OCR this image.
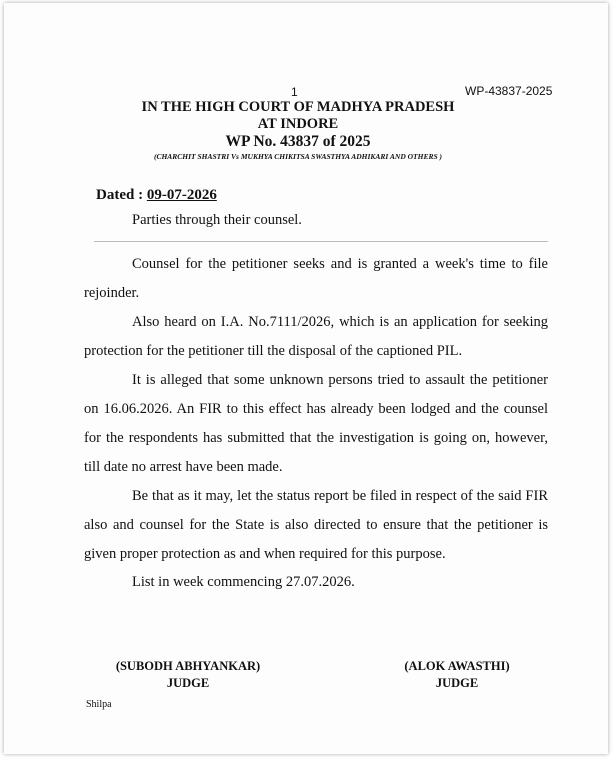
1	WP-43837-2025
IN THE HIGH COURT OF MADHYA PRADESH
AT INDORE
WP No. 43837 of 2025
(CHARCHIT SHASTRI Vs MUKHYA CHIKITSA SWASTHYA ADHIKARI AND OTHERS )
Dated : 09-07-2026
Parties through their counsel.

Counsel for the petitioner seeks and is granted a week's time to file rejoinder.

Also heard on I.A. No.7111/2026, which is an application for seeking protection for the petitioner till the disposal of the captioned PIL.

It is alleged that some unknown persons tried to assault the petitioner on 16.06.2026. An FIR to this effect has already been lodged and the counsel for the respondents has submitted that the investigation is going on, however, till date no arrest have been made.

Be that as it may, let the status report be filed in respect of the said FIR also and counsel for the State is also directed to ensure that the petitioner is given proper protection as and when required for this purpose.

List in week commencing 27.07.2026.

(SUBODH ABHYANKAR)
JUDGE
(ALOK AWASTHI)
JUDGE
Shilpa
